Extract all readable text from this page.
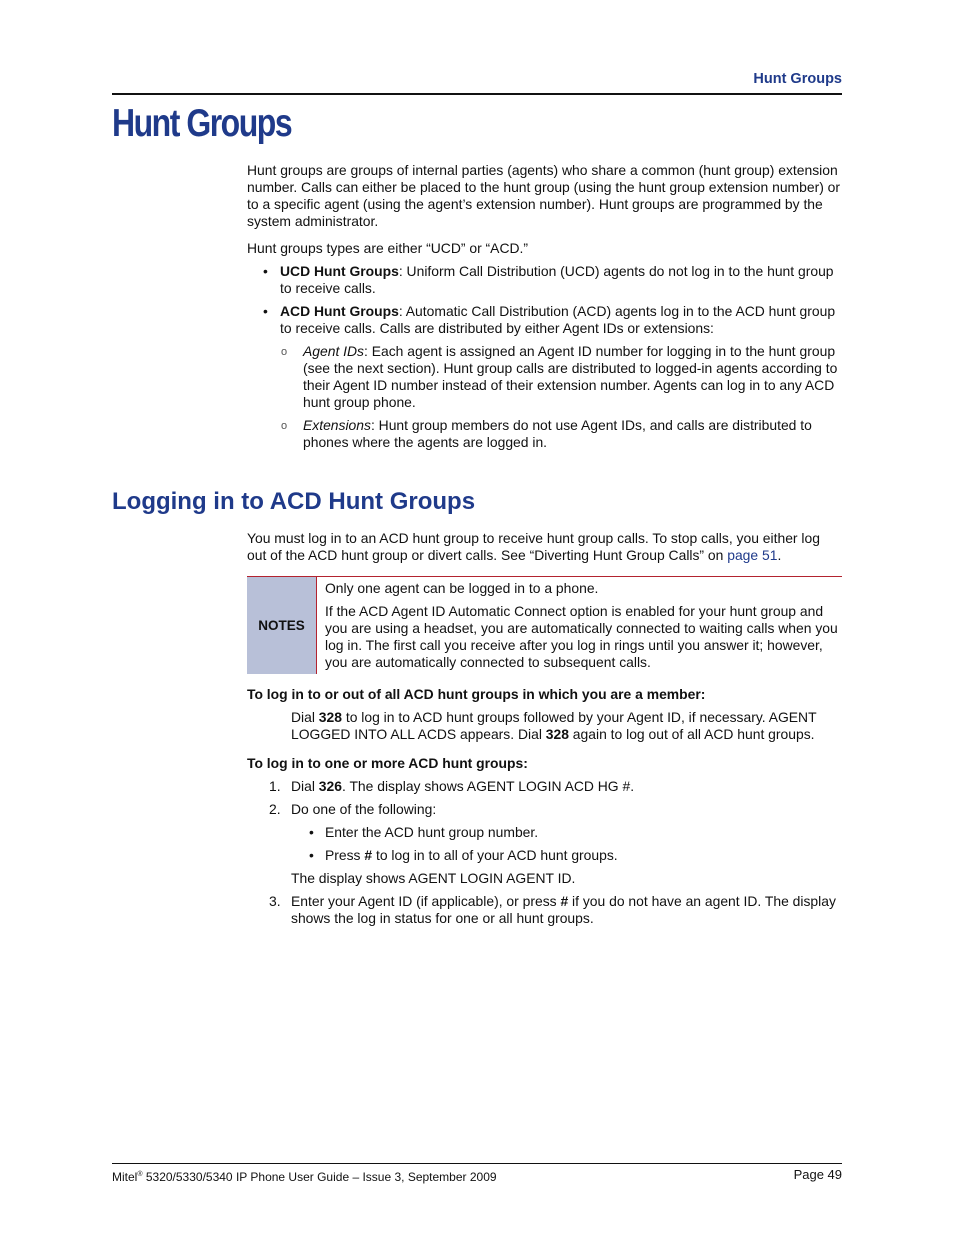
Hunt Groups
Hunt Groups

Hunt groups are groups of internal parties (agents) who share a common (hunt group) extension number. Calls can either be placed to the hunt group (using the hunt group extension number) or to a specific agent (using the agent’s extension number). Hunt groups are programmed by the system administrator.

Hunt groups types are either “UCD” or “ACD.”

• UCD Hunt Groups: Uniform Call Distribution (UCD) agents do not log in to the hunt group to receive calls.
• ACD Hunt Groups: Automatic Call Distribution (ACD) agents log in to the ACD hunt group to receive calls. Calls are distributed by either Agent IDs or extensions:
o Agent IDs: Each agent is assigned an Agent ID number for logging in to the hunt group (see the next section). Hunt group calls are distributed to logged-in agents according to their Agent ID number instead of their extension number. Agents can log in to any ACD hunt group phone.
o Extensions: Hunt group members do not use Agent IDs, and calls are distributed to phones where the agents are logged in.
Logging in to ACD Hunt Groups

You must log in to an ACD hunt group to receive hunt group calls. To stop calls, you either log out of the ACD hunt group or divert calls. See “Diverting Hunt Group Calls” on page 51.

NOTES

Only one agent can be logged in to a phone.

If the ACD Agent ID Automatic Connect option is enabled for your hunt group and you are using a headset, you are automatically connected to waiting calls when you log in. The first call you receive after you log in rings until you answer it; however, you are automatically connected to subsequent calls.

To log in to or out of all ACD hunt groups in which you are a member:

Dial 328 to log in to ACD hunt groups followed by your Agent ID, if necessary. AGENT LOGGED INTO ALL ACDS appears. Dial 328 again to log out of all ACD hunt groups.

To log in to one or more ACD hunt groups:

1. Dial 326. The display shows AGENT LOGIN ACD HG #.
2. Do one of the following:
• Enter the ACD hunt group number.
• Press # to log in to all of your ACD hunt groups.

The display shows AGENT LOGIN AGENT ID.

3. Enter your Agent ID (if applicable), or press # if you do not have an agent ID. The display shows the log in status for one or all hunt groups.
Mitel® 5320/5330/5340 IP Phone User Guide – Issue 3, September 2009	Page 49
